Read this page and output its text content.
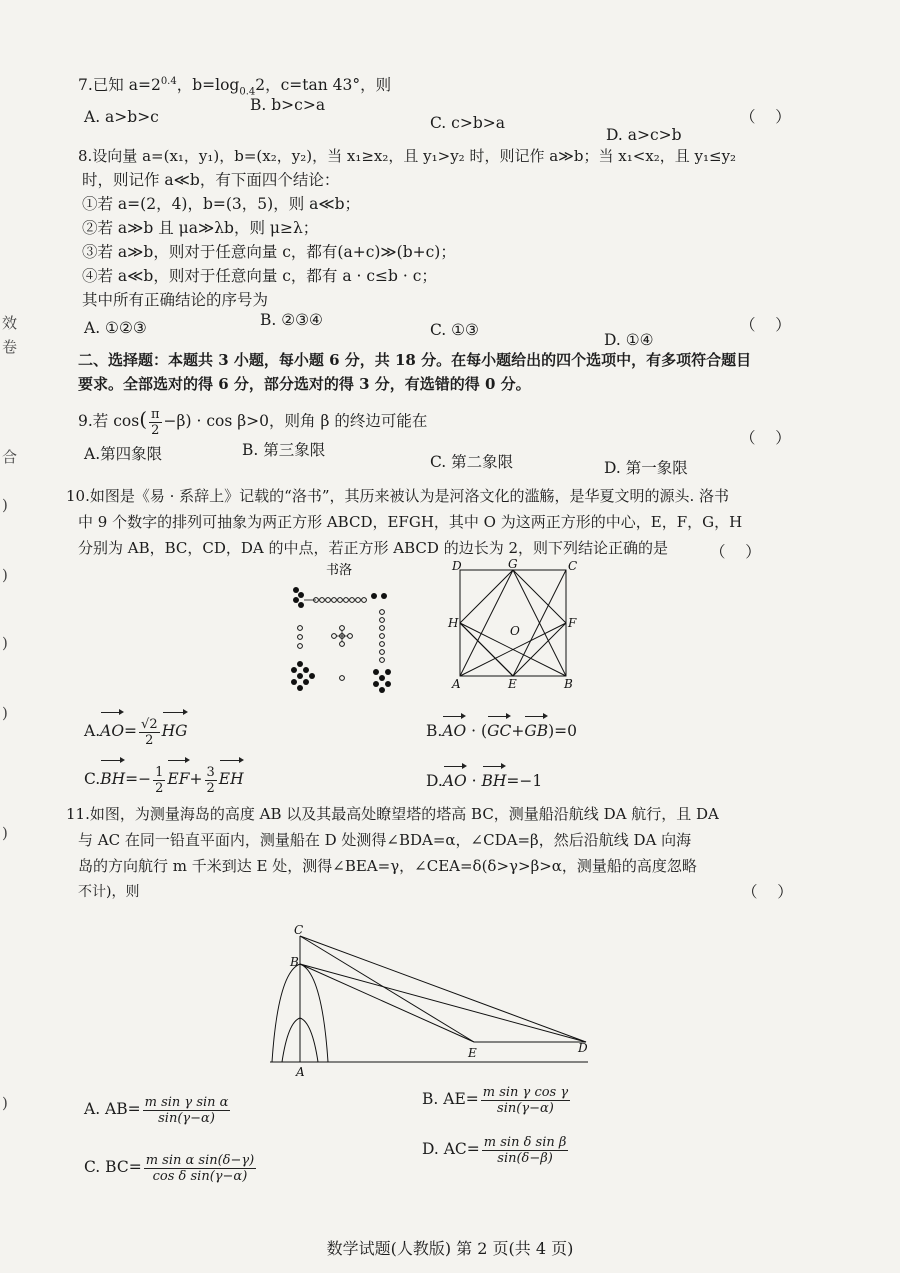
效
卷
合
)
)
)
)
)
)
7.已知 $a=2^{0.4}$，$b=\log_{0.4}2$，c=tan 43°，则
A. a>b>c
B. b>c>a
C. c>b>a
D. a>c>b
（    ）
8.设向量 a=(x₁，y₁)，b=(x₂，y₂)，当 x₁≥x₂，且 y₁>y₂ 时，则记作 a≫b；当 x₁<x₂，且 y₁≤y₂
时，则记作 a≪b，有下面四个结论：
①若 a=(2，4)，b=(3，5)，则 a≪b；
②若 a≫b 且 μa≫λb，则 μ≥λ；
③若 a≫b，则对于任意向量 c，都有(a+c)≫(b+c)；
④若 a≪b，则对于任意向量 c，都有 a · c≤b · c；
其中所有正确结论的序号为
A. ①②③	B. ②③④
C. ①③
D. ①④
（    ）
二、选择题：本题共 3 小题，每小题 6 分，共 18 分。在每小题给出的四个选项中，有多项符合题目
要求。全部选对的得 6 分，部分选对的得 3 分，有选错的得 0 分。
9.若 $\cos( \frac{\pi}{2} -\beta) \cdot \cos \beta>0$，则角 β 的终边可能在
A.第四象限	B. 第三象限
C. 第二象限	D. 第一象限
（    ）
10.如图是《易 · 系辞上》记载的“洛书”，其历来被认为是河洛文化的滥觞，是华夏文明的源头. 洛书
中 9 个数字的排列可抽象为两正方形 ABCD，EFGH，其中 O 为这两正方形的中心，E，F，G，H
分别为 AB，BC，CD，DA 的中点，若正方形 ABCD 的边长为 2，则下列结论正确的是	（    ）
书洛	D	G	C
H
O
F
A	E	B
$A.AO= \frac{√2}{2}$ HG	B.AO · (GC+GB)=0
$C.BH=- \frac{1}{2} EF+ \frac{3}{2}$ EH	D.AO · BH=−1
11.如图，为测量海岛的高度 AB 以及其最高处瞭望塔的塔高 BC，测量船沿航线 DA 航行，且 DA
与 AC 在同一铅直平面内，测量船在 D 处测得∠BDA=α，∠CDA=β，然后沿航线 DA 向海
岛的方向航行 m 千米到达 E 处，测得∠BEA=γ，∠CEA=δ(δ>γ>β>α，测量船的高度忽略
不计)，则	（    ）
C
B
A
E	D
A. $AB= \frac{\text{m sin γ sin α}}{\sin(\gamma-\alpha)}$	B. $AE= \frac{\text{m sin γ cos γ}}{\sin(\gamma-\alpha)}$
C. $BC= \frac{\text{m sin α sin(δ−γ)}}{\text{cos δ sin(γ−α)}}$
D. $AC= \frac{\text{m sin δ sin β}}{\sin(\delta-\beta)}$
数学试题(人教版) 第 2 页(共 4 页)
